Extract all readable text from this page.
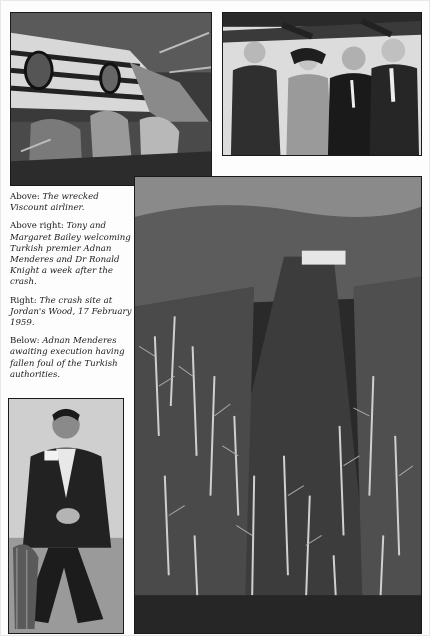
Above: The wrecked Viscount airliner.

Above right: Tony and Margaret Bailey welcoming Turkish premier Adnan Menderes and Dr Ronald Knight a week after the crash.

Right: The crash site at Jordan's Wood, 17 February 1959.

Below: Adnan Menderes awaiting execution having fallen foul of the Turkish authorities.
